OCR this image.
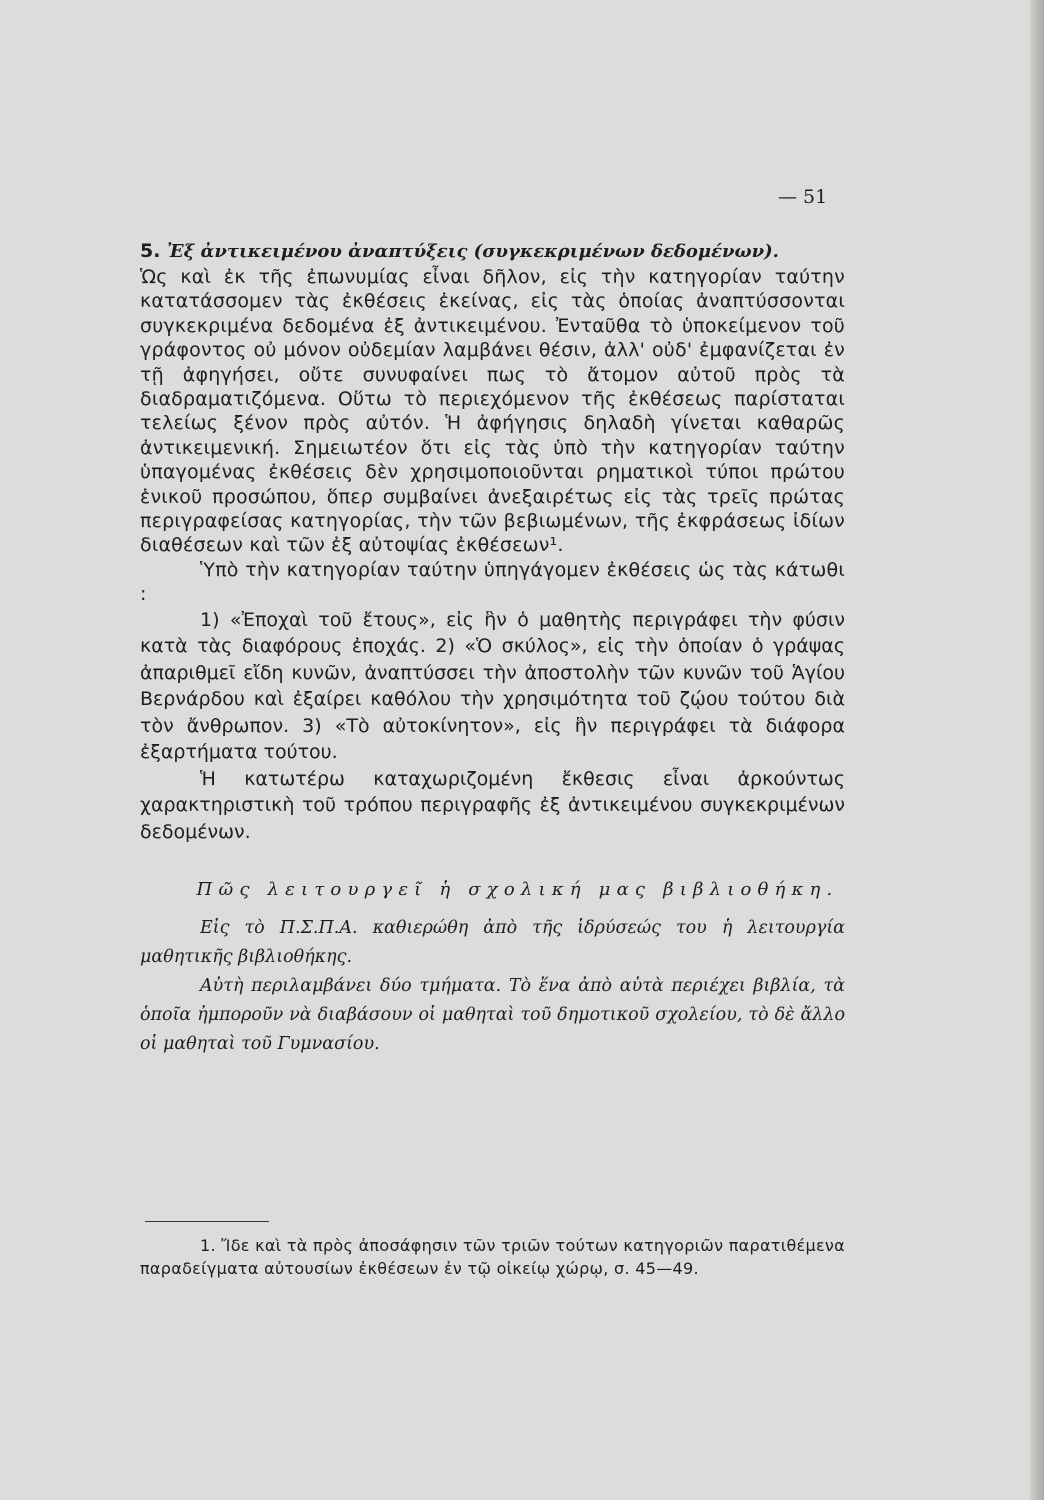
— 51
5. Ἐξ ἀντικειμένου ἀναπτύξεις (συγκεκριμένων δεδομένων).

Ὡς καὶ ἐκ τῆς ἐπωνυμίας εἶναι δῆλον, εἰς τὴν κατηγορίαν ταύτην κατατάσσομεν τὰς ἐκθέσεις ἐκείνας, εἰς τὰς ὁποίας ἀναπτύσσονται συγκεκριμένα δεδομένα ἐξ ἀντικειμένου. Ἐνταῦθα τὸ ὑποκείμενον τοῦ γράφοντος οὐ μόνον οὐδεμίαν λαμβάνει θέσιν, ἀλλ' οὐδ' ἐμφανίζεται ἐν τῇ ἀφηγήσει, οὔτε συνυφαίνει πως τὸ ἄτομον αὐτοῦ πρὸς τὰ διαδραματιζόμενα. Οὕτω τὸ περιεχόμενον τῆς ἐκθέσεως παρίσταται τελείως ξένον πρὸς αὐτόν. Ἡ ἀφήγησις δηλαδὴ γίνεται καθαρῶς ἀντικειμενική. Σημειωτέον ὅτι εἰς τὰς ὑπὸ τὴν κατηγορίαν ταύτην ὑπαγομένας ἐκθέσεις δὲν χρησιμοποιοῦνται ρηματικοὶ τύποι πρώτου ἑνικοῦ προσώπου, ὅπερ συμβαίνει ἀνεξαιρέτως εἰς τὰς τρεῖς πρώτας περιγραφείσας κατηγορίας, τὴν τῶν βεβιωμένων, τῆς ἐκφράσεως ἰδίων διαθέσεων καὶ τῶν ἐξ αὐτοψίας ἐκθέσεων¹.

Ὑπὸ τὴν κατηγορίαν ταύτην ὑπηγάγομεν ἐκθέσεις ὡς τὰς κάτωθι :

1) «Ἐποχαὶ τοῦ ἔτους», εἰς ἣν ὁ μαθητὴς περιγράφει τὴν φύσιν κατὰ τὰς διαφόρους ἐποχάς. 2) «Ὁ σκύλος», εἰς τὴν ὁποίαν ὁ γράψας ἀπαριθμεῖ εἴδη κυνῶν, ἀναπτύσσει τὴν ἀποστολὴν τῶν κυνῶν τοῦ Ἁγίου Βερνάρδου καὶ ἐξαίρει καθόλου τὴν χρησιμότητα τοῦ ζῴου τούτου διὰ τὸν ἄνθρωπον. 3) «Τὸ αὐτοκίνητον», εἰς ἣν περιγράφει τὰ διάφορα ἐξαρτήματα τούτου.

Ἡ κατωτέρω καταχωριζομένη ἔκθεσις εἶναι ἀρκούντως χαρακτηριστικὴ τοῦ τρόπου περιγραφῆς ἐξ ἀντικειμένου συγκεκριμένων δεδομένων.

Πῶς λειτουργεῖ ἡ σχολική μας βιβλιοθήκη.

Εἰς τὸ Π.Σ.Π.Α. καθιερώθη ἀπὸ τῆς ἱδρύσεώς του ἡ λειτουργία μαθητικῆς βιβλιοθήκης.

Αὐτὴ περιλαμβάνει δύο τμήματα. Τὸ ἕνα ἀπὸ αὐτὰ περιέχει βιβλία, τὰ ὁποῖα ἠμποροῦν νὰ διαβάσουν οἱ μαθηταὶ τοῦ δημοτικοῦ σχολείου, τὸ δὲ ἄλλο οἱ μαθηταὶ τοῦ Γυμνασίου.

1. Ἴδε καὶ τὰ πρὸς ἀποσάφησιν τῶν τριῶν τούτων κατηγοριῶν παρατιθέμενα παραδείγματα αὐτουσίων ἐκθέσεων ἐν τῷ οἰκείῳ χώρῳ, σ. 45—49.
